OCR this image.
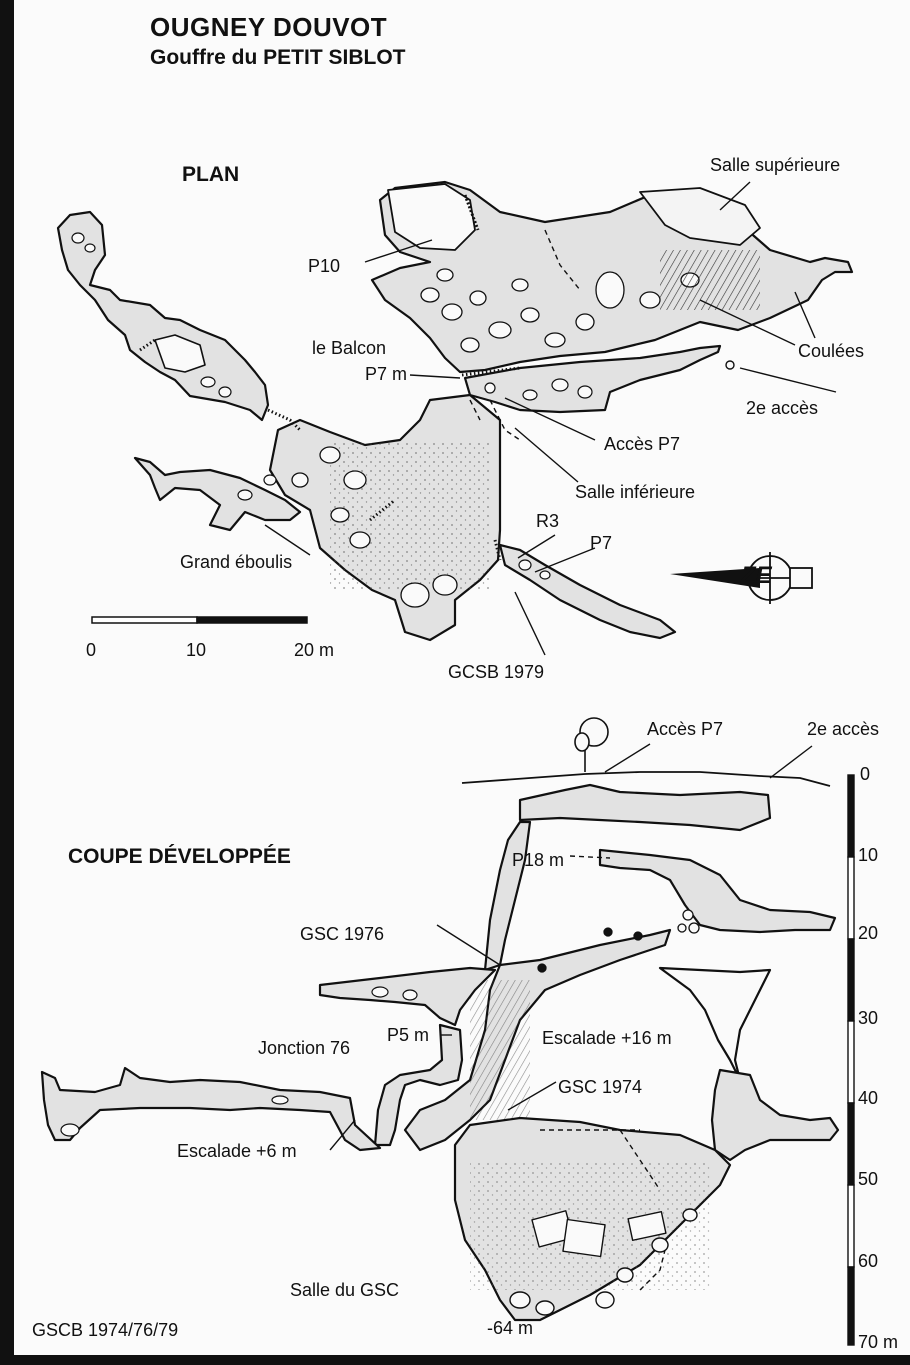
OUGNEY DOUVOT
Gouffre du PETIT SIBLOT
PLAN	Salle supérieure
P10
le Balcon
P7 m
Coulées
2e accès
Accès P7
Salle inférieure
R3
P7
Grand éboulis
GCSB 1979
0	10	20 m
ZE
COUPE DÉVELOPPÉE
Accès P7	2e accès
P18 m
GSC 1976
Jonction 76
P5 m	Escalade +16 m
GSC 1974
Escalade +6 m
Salle du GSC
-64 m
0
10
20
30
40
50
60
70 m
GSCB 1974/76/79
